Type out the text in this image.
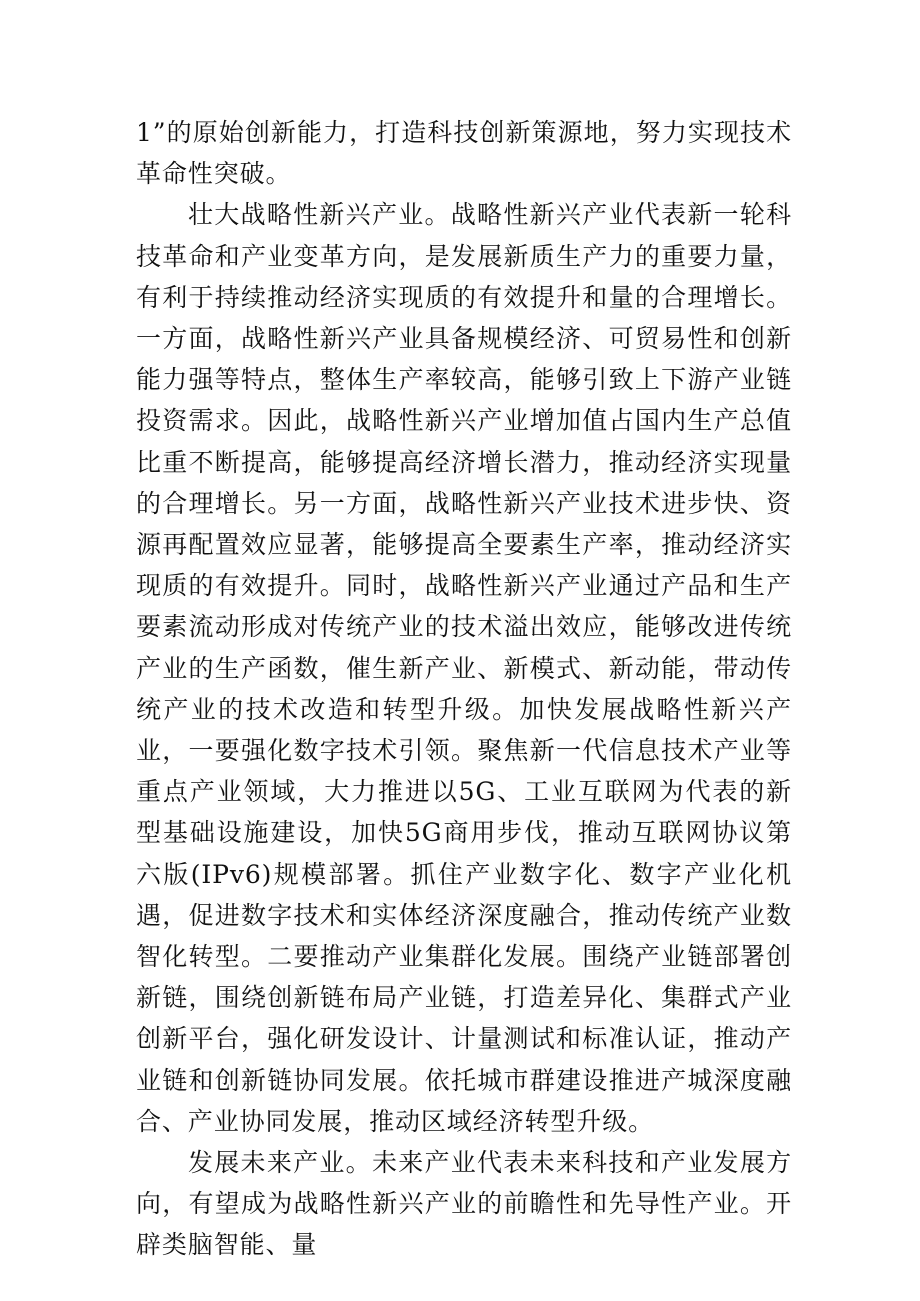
1”的原始创新能力，打造科技创新策源地，努力实现技术革命性突破。

壮大战略性新兴产业。战略性新兴产业代表新一轮科技革命和产业变革方向，是发展新质生产力的重要力量，有利于持续推动经济实现质的有效提升和量的合理增长。一方面，战略性新兴产业具备规模经济、可贸易性和创新能力强等特点，整体生产率较高，能够引致上下游产业链投资需求。因此，战略性新兴产业增加值占国内生产总值比重不断提高，能够提高经济增长潜力，推动经济实现量的合理增长。另一方面，战略性新兴产业技术进步快、资源再配置效应显著，能够提高全要素生产率，推动经济实现质的有效提升。同时，战略性新兴产业通过产品和生产要素流动形成对传统产业的技术溢出效应，能够改进传统产业的生产函数，催生新产业、新模式、新动能，带动传统产业的技术改造和转型升级。加快发展战略性新兴产业，一要强化数字技术引领。聚焦新一代信息技术产业等重点产业领域，大力推进以5G、工业互联网为代表的新型基础设施建设，加快5G商用步伐，推动互联网协议第六版(IPv6)规模部署。抓住产业数字化、数字产业化机遇，促进数字技术和实体经济深度融合，推动传统产业数智化转型。二要推动产业集群化发展。围绕产业链部署创新链，围绕创新链布局产业链，打造差异化、集群式产业创新平台，强化研发设计、计量测试和标准认证，推动产业链和创新链协同发展。依托城市群建设推进产城深度融合、产业协同发展，推动区域经济转型升级。

发展未来产业。未来产业代表未来科技和产业发展方向，有望成为战略性新兴产业的前瞻性和先导性产业。开辟类脑智能、量
